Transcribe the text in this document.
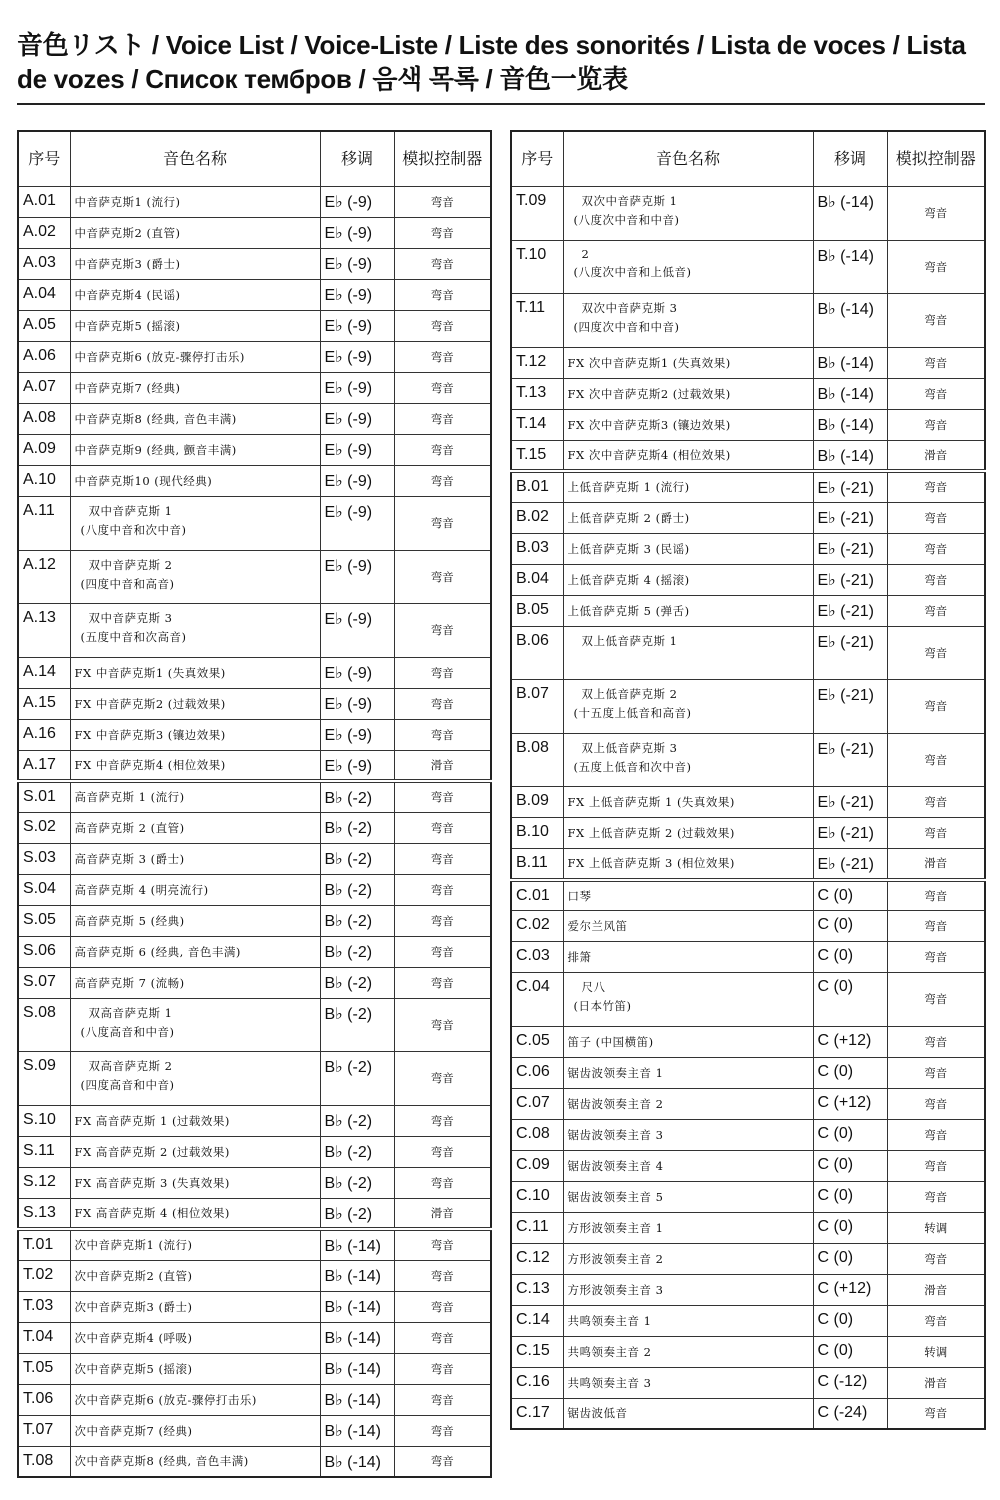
音色リスト / Voice List / Voice-Liste / Liste des sonorités / Lista de voces / Lista de vozes / Список тембров / 음색 목록 / 音色一览表
序号	音色名称	移调	模拟控制器
A.01	中音萨克斯1 (流行)	E♭ (-9)	弯音
A.02	中音萨克斯2 (直管)	E♭ (-9)	弯音
A.03	中音萨克斯3 (爵士)	E♭ (-9)	弯音
A.04	中音萨克斯4 (民谣)	E♭ (-9)	弯音
A.05	中音萨克斯5 (摇滚)	E♭ (-9)	弯音
A.06	中音萨克斯6 (放克-骤停打击乐)	E♭ (-9)	弯音
A.07	中音萨克斯7 (经典)	E♭ (-9)	弯音
A.08	中音萨克斯8 (经典, 音色丰满)	E♭ (-9)	弯音
A.09	中音萨克斯9 (经典, 颤音丰满)	E♭ (-9)	弯音
A.10	中音萨克斯10 (现代经典)	E♭ (-9)	弯音
A.11	双中音萨克斯 1
(八度中音和次中音)	E♭ (-9)	弯音
A.12	双中音萨克斯 2
(四度中音和高音)	E♭ (-9)	弯音
A.13	双中音萨克斯 3
(五度中音和次高音)	E♭ (-9)	弯音
A.14	FX 中音萨克斯1 (失真效果)	E♭ (-9)	弯音
A.15	FX 中音萨克斯2 (过载效果)	E♭ (-9)	弯音
A.16	FX 中音萨克斯3 (镶边效果)	E♭ (-9)	弯音
A.17	FX 中音萨克斯4 (相位效果)	E♭ (-9)	滑音
S.01	高音萨克斯 1 (流行)	B♭ (-2)	弯音
S.02	高音萨克斯 2 (直管)	B♭ (-2)	弯音
S.03	高音萨克斯 3 (爵士)	B♭ (-2)	弯音
S.04	高音萨克斯 4 (明亮流行)	B♭ (-2)	弯音
S.05	高音萨克斯 5 (经典)	B♭ (-2)	弯音
S.06	高音萨克斯 6 (经典, 音色丰满)	B♭ (-2)	弯音
S.07	高音萨克斯 7 (流畅)	B♭ (-2)	弯音
S.08	双高音萨克斯 1
(八度高音和中音)	B♭ (-2)	弯音
S.09	双高音萨克斯 2
(四度高音和中音)	B♭ (-2)	弯音
S.10	FX 高音萨克斯 1 (过载效果)	B♭ (-2)	弯音
S.11	FX 高音萨克斯 2 (过载效果)	B♭ (-2)	弯音
S.12	FX 高音萨克斯 3 (失真效果)	B♭ (-2)	弯音
S.13	FX 高音萨克斯 4 (相位效果)	B♭ (-2)	滑音
T.01	次中音萨克斯1 (流行)	B♭ (-14)	弯音
T.02	次中音萨克斯2 (直管)	B♭ (-14)	弯音
T.03	次中音萨克斯3 (爵士)	B♭ (-14)	弯音
T.04	次中音萨克斯4 (呼吸)	B♭ (-14)	弯音
T.05	次中音萨克斯5 (摇滚)	B♭ (-14)	弯音
T.06	次中音萨克斯6 (放克-骤停打击乐)	B♭ (-14)	弯音
T.07	次中音萨克斯7 (经典)	B♭ (-14)	弯音
T.08	次中音萨克斯8 (经典, 音色丰满)	B♭ (-14)	弯音
序号	音色名称	移调	模拟控制器
T.09	双次中音萨克斯 1
(八度次中音和中音)	B♭ (-14)	弯音
T.10	2
(八度次中音和上低音)	B♭ (-14)	弯音
T.11	双次中音萨克斯 3
(四度次中音和中音)	B♭ (-14)	弯音
T.12	FX 次中音萨克斯1 (失真效果)	B♭ (-14)	弯音
T.13	FX 次中音萨克斯2 (过载效果)	B♭ (-14)	弯音
T.14	FX 次中音萨克斯3 (镶边效果)	B♭ (-14)	弯音
T.15	FX 次中音萨克斯4 (相位效果)	B♭ (-14)	滑音
B.01	上低音萨克斯 1 (流行)	E♭ (-21)	弯音
B.02	上低音萨克斯 2 (爵士)	E♭ (-21)	弯音
B.03	上低音萨克斯 3 (民谣)	E♭ (-21)	弯音
B.04	上低音萨克斯 4 (摇滚)	E♭ (-21)	弯音
B.05	上低音萨克斯 5 (弹舌)	E♭ (-21)	弯音
B.06	双上低音萨克斯 1	E♭ (-21)	弯音
B.07	双上低音萨克斯 2
(十五度上低音和高音)	E♭ (-21)	弯音
B.08	双上低音萨克斯 3
(五度上低音和次中音)	E♭ (-21)	弯音
B.09	FX 上低音萨克斯 1 (失真效果)	E♭ (-21)	弯音
B.10	FX 上低音萨克斯 2 (过载效果)	E♭ (-21)	弯音
B.11	FX 上低音萨克斯 3 (相位效果)	E♭ (-21)	滑音
C.01	口琴	C (0)	弯音
C.02	爱尔兰风笛	C (0)	弯音
C.03	排箫	C (0)	弯音
C.04	尺八
(日本竹笛)	C (0)	弯音
C.05	笛子 (中国横笛)	C (+12)	弯音
C.06	锯齿波领奏主音 1	C (0)	弯音
C.07	锯齿波领奏主音 2	C (+12)	弯音
C.08	锯齿波领奏主音 3	C (0)	弯音
C.09	锯齿波领奏主音 4	C (0)	弯音
C.10	锯齿波领奏主音 5	C (0)	弯音
C.11	方形波领奏主音 1	C (0)	转调
C.12	方形波领奏主音 2	C (0)	弯音
C.13	方形波领奏主音 3	C (+12)	滑音
C.14	共鸣领奏主音 1	C (0)	弯音
C.15	共鸣领奏主音 2	C (0)	转调
C.16	共鸣领奏主音 3	C (-12)	滑音
C.17	锯齿波低音	C (-24)	弯音
